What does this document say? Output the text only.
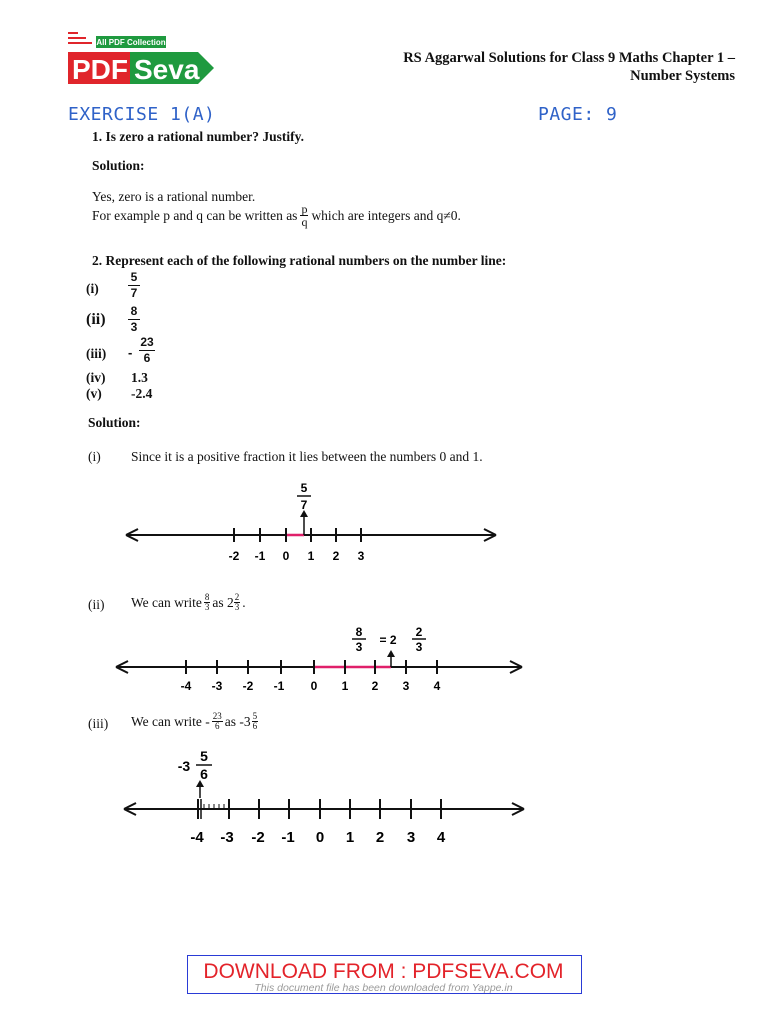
All PDF Collection
PDF Seva	RS Aggarwal Solutions for Class 9 Maths Chapter 1 –
Number Systems
EXERCISE 1(A)	PAGE: 9
1. Is zero a rational number? Justify.
Solution:
Yes, zero is a rational number.
For example p and q can be written as $\frac{p}{q}$ which are integers and q≠0.
2. Represent each of the following rational numbers on the number line:
(i)
5
7
(ii) 8
3
(iii) -
23
6
(iv) 1.3
(v) -2.4
Solution:
(i) Since it is a positive fraction it lies between the numbers 0 and 1.
5
7
-2 -1 0 1 2 3
(ii) We can write $\frac{8}{3}$ as $2 \frac{2}{3}$ .
8
3 = 2
2
3
-4 -3 -2 -1 0 1 2 3 4
(iii) We can write - $\frac{23}{6}$ as $-3 \frac{5}{6}$
-3
5
6
-4 -3 -2 -1 0 1 2 3 4
DOWNLOAD FROM : PDFSEVA.COM
This document file has been downloaded from Yappe.in
